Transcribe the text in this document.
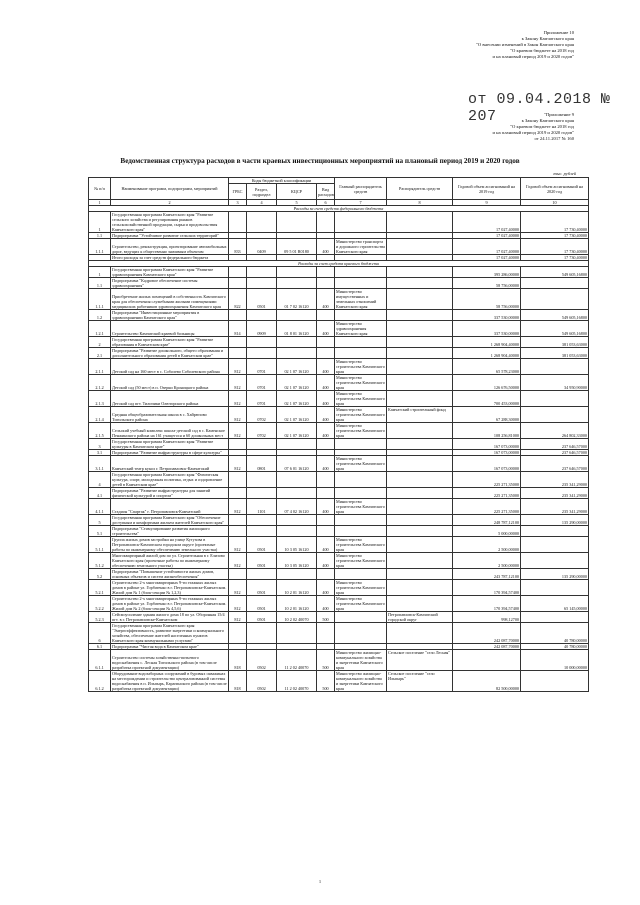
Приложение 10
к Закону Камчатского края
"О внесении изменений в Закон Камчатского края
"О краевом бюджете на 2018 год
и на плановый период 2019 и 2020 годов"
от 09.04.2018 № 207	"Приложение 9
к Закону Камчатского края
"О краевом бюджете на 2018 год
и на плановый период 2019 и 2020 годов"
от 24.11.2017 № 160
Ведомственная структура расходов в части краевых инвестиционных мероприятий на плановый период 2019 и 2020 годов
тыс. рублей
№ п/п	Наименование программ, подпрограмм, мероприятий	Коды бюджетной классификации				Главный распорядитель средств	Распорядитель средств	Годовой объем ассигнований на 2019 год	Годовой объем ассигнований на 2020 год
		ГРБС	Раздел, подраздел	КЦСР	Вид расходов				
1	2	3	4	5	6	7	8	9	10
Расходы за счет средств федерального бюджета									
1	Государственная программа Камчатского края "Развитие сельского хозяйства и регулирования рынков сельскохозяйственной продукции, сырья и продовольствия Камчатского края"							17 027,40000	17 730,40000
1.1	Подпрограмма "Устойчивое развитие сельских территорий"							17 027,40000	17 730,40000
1.1.1	Строительство, реконструкция, проектирование автомобильных дорог, ведущих к общественно значимым объектам	833	0409	09 5 01 R0180	400	Министерство транспорта и дорожного строительства Камчатского края		17 027,40000	17 730,40000
	Итого расходы за счет средств федерального бюджета							17 027,40000	17 730,40000
Расходы за счет средств краевого бюджета									
1	Государственная программа Камчатского края "Развитие здравоохранения Камчатского края"							395 286,00000	549 605,16800
1.1	Подпрограмма "Кадровое обеспечение системы здравоохранения"							58 756,00000	
1.1.1	Приобретение жилых помещений в собственность Камчатского края для обеспечения служебными жилыми помещениями медицинских работников здравоохранения Камчатского края	822	0501	01 7 02 16120	400	Министерство имущественных и земельных отношений Камчатского края		58 756,00000	
1.2	Подпрограмма "Инвестиционные мероприятия в здравоохранении Камчатского края"							337 530,00000	549 605,16800
1.2.1	Строительство Камчатской краевой больницы	814	0909	01 8 01 16120	400	Министерство здравоохранения Камчатского края		337 530,00000	549 605,16800
2	Государственная программа Камчатского края "Развитие образования в Камчатском крае"							1 268 904,40000	381 053,63000
2.1	Подпрограмма "Развитие дошкольного, общего образования и дополнительного образования детей в Камчатском крае"							1 268 904,40000	381 053,63000
2.1.1	Детский сад на 160 мест в с. Соболево Соболевского района	812	0701	02 1 07 16120	400	Министерство строительства Камчатского края		65 578,23000	
2.1.2	Детский сад (50 мест) в п. Озерки Кроноцкого района	812	0701	02 1 07 16120	400	Министерство строительства Камчатского края		126 676,50000	34 950,90000
2.1.3	Детский сад пгт. Тиличики Олюторского района	812	0701	02 1 07 16120	400	Министерство строительства Камчатского края		700 453,00000	
2.1.4	Средняя общеобразовательная школа в с. Хайрюзово Тигильского района	812	0702	02 1 07 16120	400	Министерство строительства Камчатского края	Камчатский строительный фонд	67 288,30000	
2.1.5	Сельский учебный комплекс школа-детский сад в с. Каменское Пенжинского района на 161 учащегося и 60 дошкольных мест	812	0702	02 1 07 16120	400	Министерство строительства Камчатского края		108 256,81000	264 802,33000
3	Государственная программа Камчатского края "Развитие культуры в Камчатском крае"							167 073,00000	237 646,57000
3.1	Подпрограмма "Развитие инфраструктуры в сфере культуры"							167 073,00000	237 646,57000
3.1.1	Камчатский театр кукол г. Петропавловск-Камчатский	812	0801	07 6 01 16120	400	Министерство строительства Камчатского края		167 073,00000	237 646,57000
4	Государственная программа Камчатского края "Физическая культура, спорт, молодежная политика, отдых и оздоровление детей в Камчатском крае"							225 271,35000	235 341,29000
4.1	Подпрограмма "Развитие инфраструктуры для занятий физической культурой и спортом"							225 271,35000	235 341,29000
4.1.1	Стадион "Спартак" г. Петропавловск-Камчатский	812	1101	07 4 02 16120	400	Министерство строительства Камчатского края		225 271,35000	235 341,29000
5	Государственная программа Камчатского края "Обеспечение доступным и комфортным жильем жителей Камчатского края"							248 787,12100	135 290,00000
5.1	Подпрограмма "Стимулирование развития жилищного строительства"							5 000,00000	
5.1.1	Группа жилых домов застройки на улице Кутузова в Петропавловск-Камчатском городском округе (проектные работы по инженерному обеспечению земельного участка)	812	0501	10 3 05 16120	400	Министерство строительства Камчатского края		2 500,00000	
5.1.2	Многоквартирный жилой дом по ул. Строительная в г. Елизово Камчатского края (проектные работы по инженерному обеспечению земельного участка)	812	0501	10 3 05 16120	400	Министерство строительства Камчатского края		2 500,00000	
5.2	Подпрограмма "Повышение устойчивости жилых домов, основных объектов и систем жизнеобеспечения"							243 787,12100	135 290,00000
5.2.1	Строительство 2-х многоквартирных 9-ти этажных жилых домов в районе ул. Горбатенко в г. Петропавловске-Камчатском. Жилой дом № 1 (блок-секции № 1,2,3)	812	0501	10 2 01 16120	400	Министерство строительства Камчатского края		170 394,57400	
5.2.2	Строительство 2-х многоквартирных 9-ти этажных жилых домов в районе ул. Горбатенко в г. Петропавловске-Камчатском. Жилой дом № 2 (блок-секции № 4,5,6)	812	0501	10 2 01 16120	400	Министерство строительства Камчатского края		170 394,57400	65 145,00000
5.2.3	Сейсмоусиление здания жилого дома 18 по ул. Оборонная 15/4 пгт. в г. Петропавловске-Камчатском	812	0501	10 2 02 40070	500		Петропавловск-Камчатский городской округ	998,12700	
6	Государственная программа Камчатского края "Энергоэффективность, развитие энергетики и коммунального хозяйства, обеспечение жителей населенных пунктов Камчатского края коммунальными услугами"							242 087,70000	40 780,00000
6.1	Подпрограмма "Чистая вода в Камчатском крае"							242 087,70000	40 780,00000
6.1.1	Строительство системы хозяйственно-питьевого водоснабжения с. Лесная Тигильского района (в том числе разработка проектной документации)	818	0502	11 2 02 40070	500	Министерство жилищно-коммунального хозяйства и энергетики Камчатского края	Сельское поселение "село Лесная"		10 000,00000
6.1.2	Оборудование водозаборных сооружений в буровых скважинах на месторождении и строительство централизованной системы водоснабжения в п. Ильпырь, Карагинского района (в том числе разработка проектной документации)	818	0502	11 2 02 40070	500	Министерство жилищно-коммунального хозяйства и энергетики Камчатского края	Сельское поселение "село Ильпырь"	82 500,00000	
1
